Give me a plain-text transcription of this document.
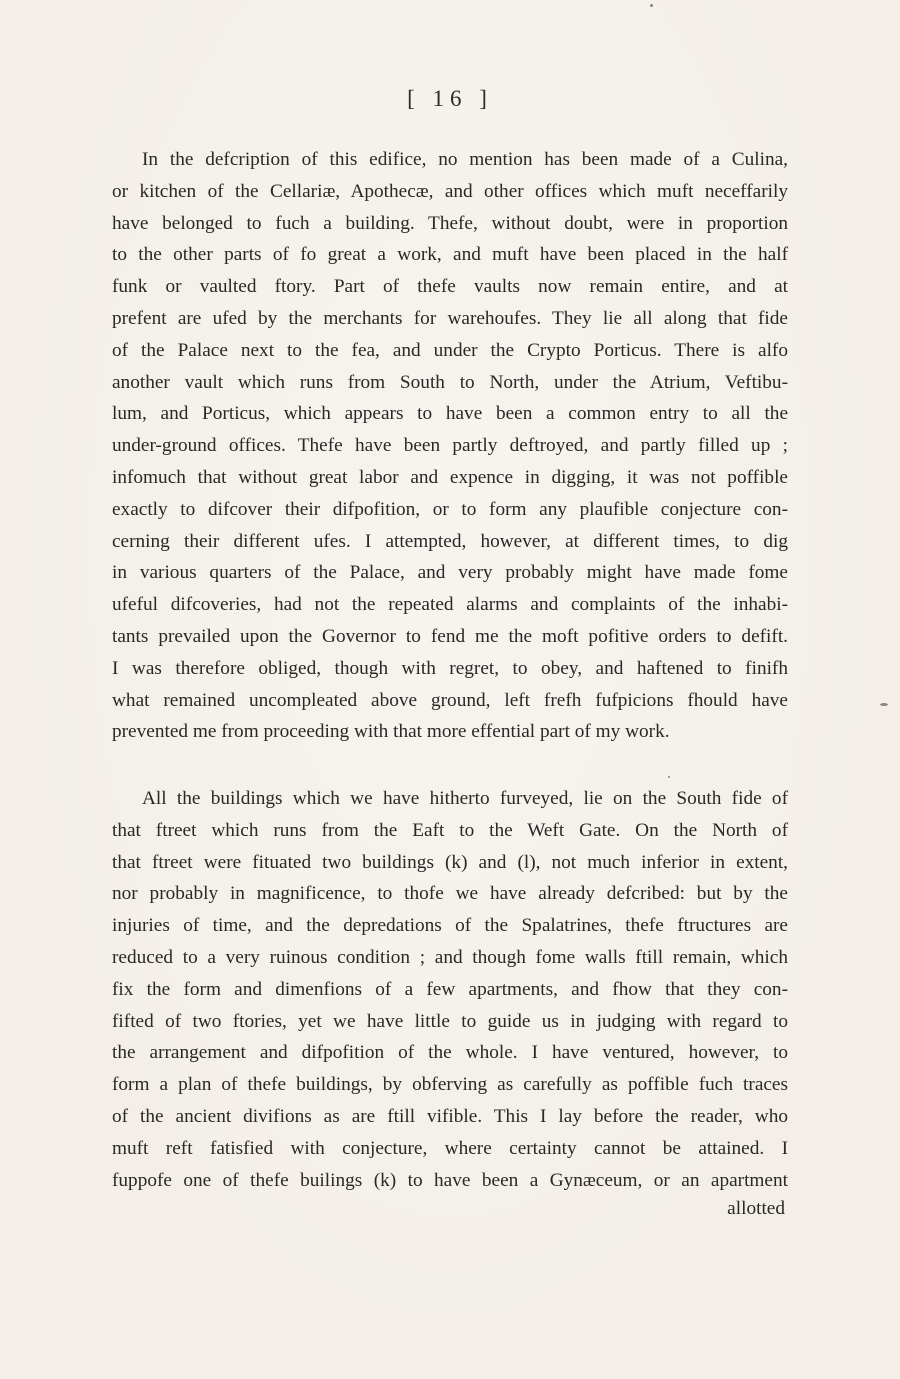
[ 16 ]
In the defcription of this edifice, no mention has been made of a Culina,
or kitchen of the Cellariæ, Apothecæ, and other offices which muft neceffarily
have belonged to fuch a building. Thefe, without doubt, were in proportion
to the other parts of fo great a work, and muft have been placed in the half
funk or vaulted ftory. Part of thefe vaults now remain entire, and at
prefent are ufed by the merchants for warehoufes. They lie all along that fide
of the Palace next to the fea, and under the Crypto Porticus. There is alfo
another vault which runs from South to North, under the Atrium, Veftibu-
lum, and Porticus, which appears to have been a common entry to all the
under-ground offices. Thefe have been partly deftroyed, and partly filled up ;
infomuch that without great labor and expence in digging, it was not poffible
exactly to difcover their difpofition, or to form any plaufible conjecture con-
cerning their different ufes. I attempted, however, at different times, to dig
in various quarters of the Palace, and very probably might have made fome
ufeful difcoveries, had not the repeated alarms and complaints of the inhabi-
tants prevailed upon the Governor to fend me the moft pofitive orders to defift.
I was therefore obliged, though with regret, to obey, and haftened to finifh
what remained uncompleated above ground, left frefh fufpicions fhould have
prevented me from proceeding with that more effential part of my work.
All the buildings which we have hitherto furveyed, lie on the South fide of
that ftreet which runs from the Eaft to the Weft Gate. On the North of
that ftreet were fituated two buildings (k) and (l), not much inferior in extent,
nor probably in magnificence, to thofe we have already defcribed: but by the
injuries of time, and the depredations of the Spalatrines, thefe ftructures are
reduced to a very ruinous condition ; and though fome walls ftill remain, which
fix the form and dimenfions of a few apartments, and fhow that they con-
fifted of two ftories, yet we have little to guide us in judging with regard to
the arrangement and difpofition of the whole. I have ventured, however, to
form a plan of thefe buildings, by obferving as carefully as poffible fuch traces
of the ancient divifions as are ftill vifible. This I lay before the reader, who
muft reft fatisfied with conjecture, where certainty cannot be attained. I
fuppofe one of thefe builings (k) to have been a Gynæceum, or an apartment
allotted
